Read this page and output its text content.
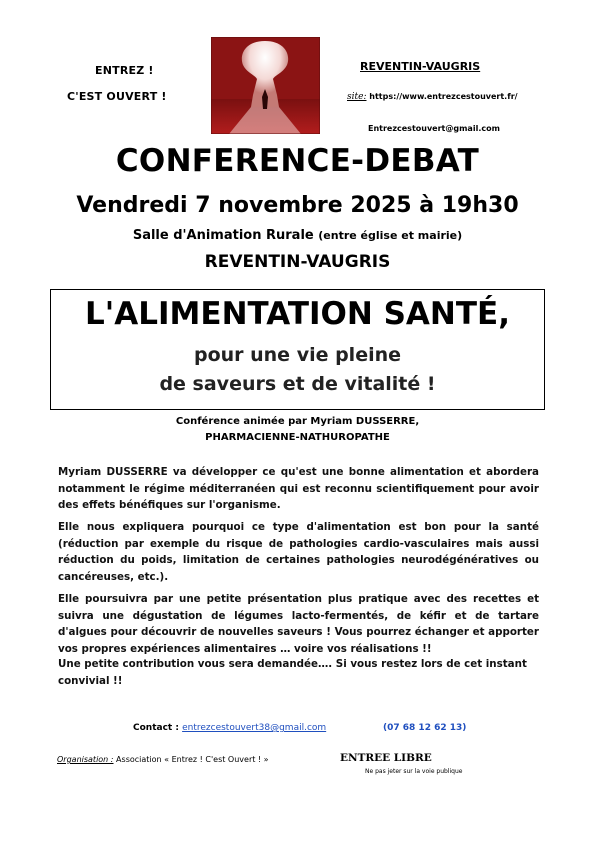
ENTREZ !
C'EST OUVERT !
REVENTIN-VAUGRIS
site: https://www.entrezcestouvert.fr/
Entrezcestouvert@gmail.com
CONFERENCE-DEBAT
Vendredi 7 novembre 2025 à 19h30
Salle d'Animation Rurale (entre église et mairie)
REVENTIN-VAUGRIS
L'ALIMENTATION SANTÉ,
pour une vie pleine
de saveurs et de vitalité !
Conférence animée par Myriam DUSSERRE,
PHARMACIENNE-NATHUROPATHE
Myriam DUSSERRE va développer ce qu'est une bonne alimentation et abordera notamment le régime méditerranéen qui est reconnu scientifiquement pour avoir des effets bénéfiques sur l'organisme.
Elle nous expliquera pourquoi ce type d'alimentation est bon pour la santé (réduction par exemple du risque de pathologies cardio-vasculaires mais aussi réduction du poids, limitation de certaines pathologies neurodégénératives ou cancéreuses, etc.).
Elle poursuivra par une petite présentation plus pratique avec des recettes et suivra une dégustation de légumes lacto-fermentés, de kéfir et de tartare d'algues pour découvrir de nouvelles saveurs ! Vous pourrez échanger et apporter vos propres expériences alimentaires … voire vos réalisations !!
Une petite contribution vous sera demandée…. Si vous restez lors de cet instant convivial !!
Contact : entrezcestouvert38@gmail.com	(07 68 12 62 13)
Organisation : Association « Entrez ! C'est Ouvert ! »	ENTREE LIBRE
Ne pas jeter sur la voie publique
